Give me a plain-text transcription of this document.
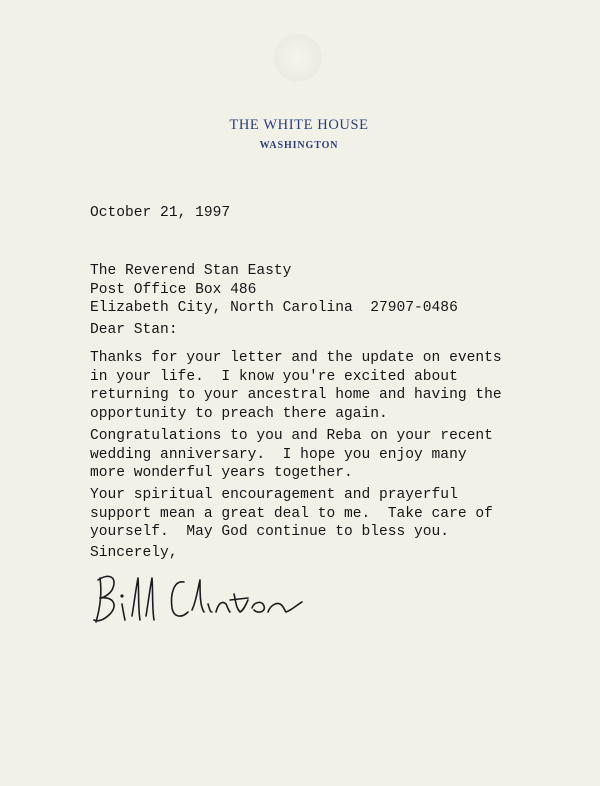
THE WHITE HOUSE
WASHINGTON
October 21, 1997
The Reverend Stan Easty
Post Office Box 486
Elizabeth City, North Carolina  27907-0486
Dear Stan:
Thanks for your letter and the update on events
in your life.  I know you're excited about
returning to your ancestral home and having the
opportunity to preach there again.
Congratulations to you and Reba on your recent
wedding anniversary.  I hope you enjoy many
more wonderful years together.
Your spiritual encouragement and prayerful
support mean a great deal to me.  Take care of
yourself.  May God continue to bless you.
Sincerely,
